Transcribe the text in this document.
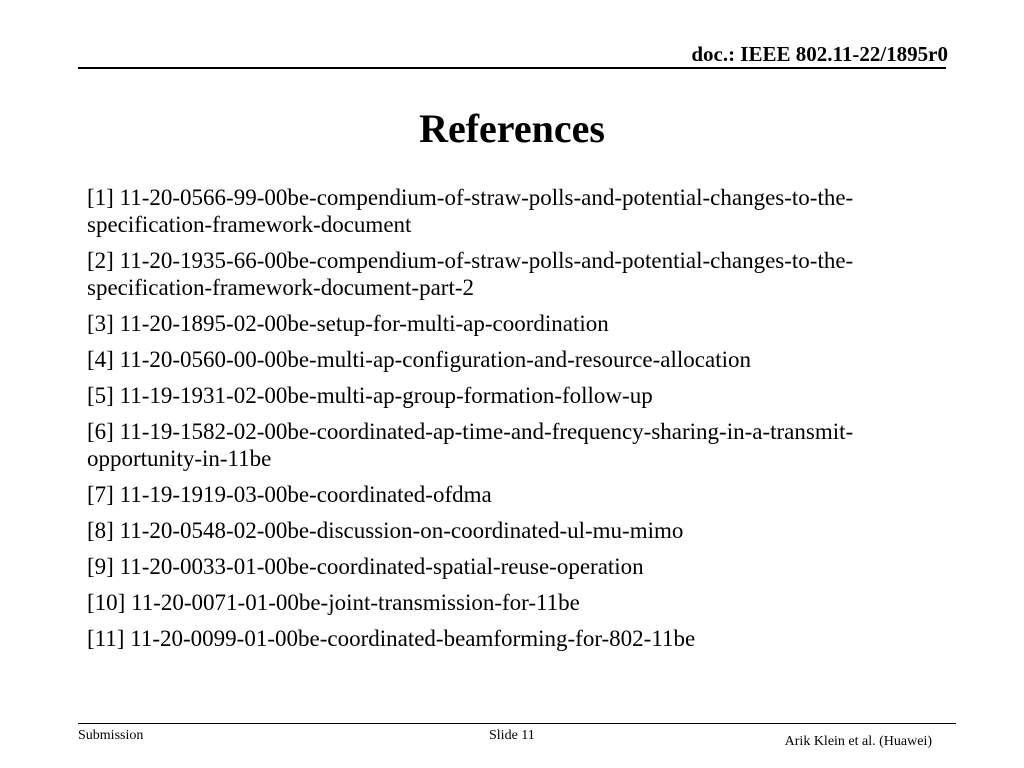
doc.: IEEE 802.11-22/1895r0
References
[1] 11-20-0566-99-00be-compendium-of-straw-polls-and-potential-changes-to-the-specification-framework-document
[2] 11-20-1935-66-00be-compendium-of-straw-polls-and-potential-changes-to-the-specification-framework-document-part-2
[3] 11-20-1895-02-00be-setup-for-multi-ap-coordination
[4] 11-20-0560-00-00be-multi-ap-configuration-and-resource-allocation
[5] 11-19-1931-02-00be-multi-ap-group-formation-follow-up
[6] 11-19-1582-02-00be-coordinated-ap-time-and-frequency-sharing-in-a-transmit-opportunity-in-11be
[7] 11-19-1919-03-00be-coordinated-ofdma
[8] 11-20-0548-02-00be-discussion-on-coordinated-ul-mu-mimo
[9] 11-20-0033-01-00be-coordinated-spatial-reuse-operation
[10] 11-20-0071-01-00be-joint-transmission-for-11be
[11] 11-20-0099-01-00be-coordinated-beamforming-for-802-11be
Submission	Slide 11	Arik Klein et al. (Huawei)
